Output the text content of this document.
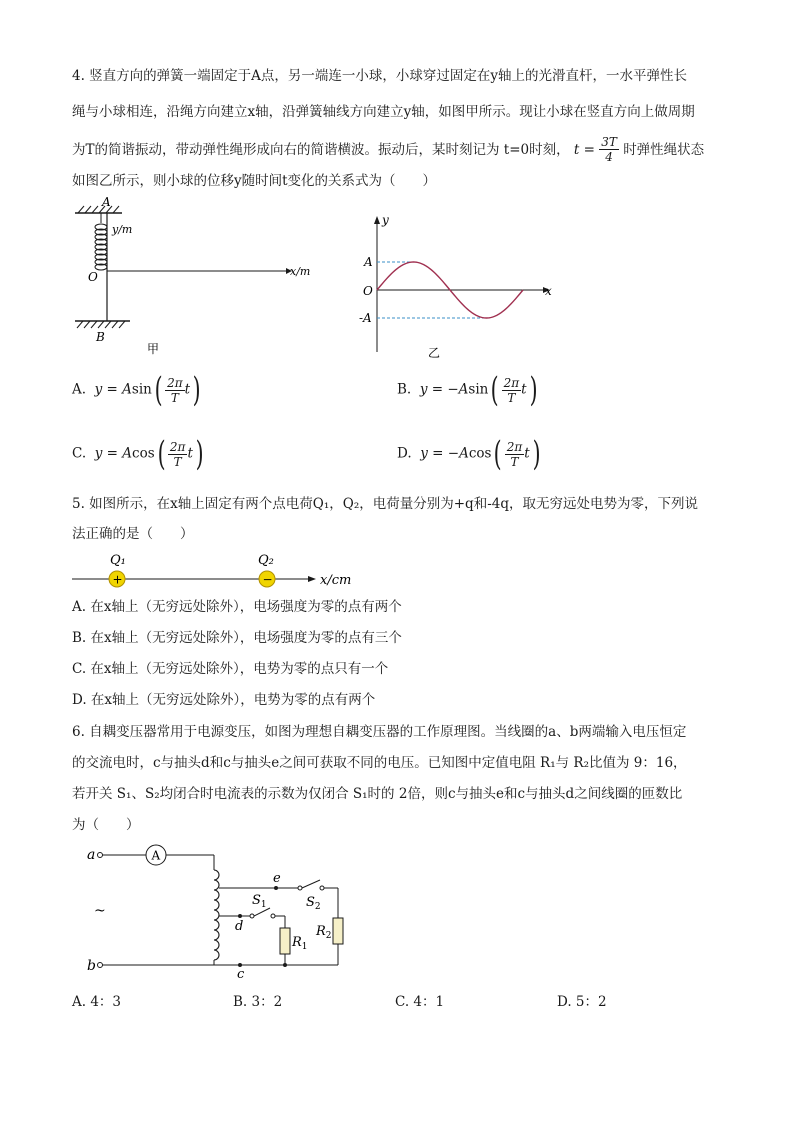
4. 竖直方向的弹簧一端固定于A点，另一端连一小球，小球穿过固定在y轴上的光滑直杆，一水平弹性长
绳与小球相连，沿绳方向建立x轴，沿弹簧轴线方向建立y轴，如图甲所示。现让小球在竖直方向上做周期
为T的简谐振动，带动弹性绳形成向右的简谐横波。振动后，某时刻记为 t=0时刻， $t = \frac{3T}{4}$ 时弹性绳状态
如图乙所示，则小球的位移y随时间t变化的关系式为（　　）
A
y/m
x/m
O
B
甲
y
x
O
A
-A
乙
A. $y = Asin( \frac{2\pi}{T} t)$	B. $y = -Asin( \frac{2\pi}{T} t)$
C. $y = Acos( \frac{2\pi}{T} t)$	D. $y = -Acos( \frac{2\pi}{T} t)$
5. 如图所示，在x轴上固定有两个点电荷Q₁，Q₂，电荷量分别为+q和-4q，取无穷远处电势为零，下列说
法正确的是（　　）
x/cm
Q₁
+
Q₂
−
A. 在x轴上（无穷远处除外），电场强度为零的点有两个
B. 在x轴上（无穷远处除外），电场强度为零的点有三个
C. 在x轴上（无穷远处除外），电势为零的点只有一个
D. 在x轴上（无穷远处除外），电势为零的点有两个
6. 自耦变压器常用于电源变压，如图为理想自耦变压器的工作原理图。当线圈的a、b两端输入电压恒定
的交流电时，c与抽头d和c与抽头e之间可获取不同的电压。已知图中定值电阻 R₁与 R₂比值为 9：16，
若开关 S₁、S₂均闭合时电流表的示数为仅闭合 S₁时的 2倍，则c与抽头e和c与抽头d之间线圈的匝数比
为（　　）
a	A
b
c
~
e
$S_2$
$R_2$
d
$S_1$
$R_1$
A. 4：3	B. 3：2	C. 4：1	D. 5：2
